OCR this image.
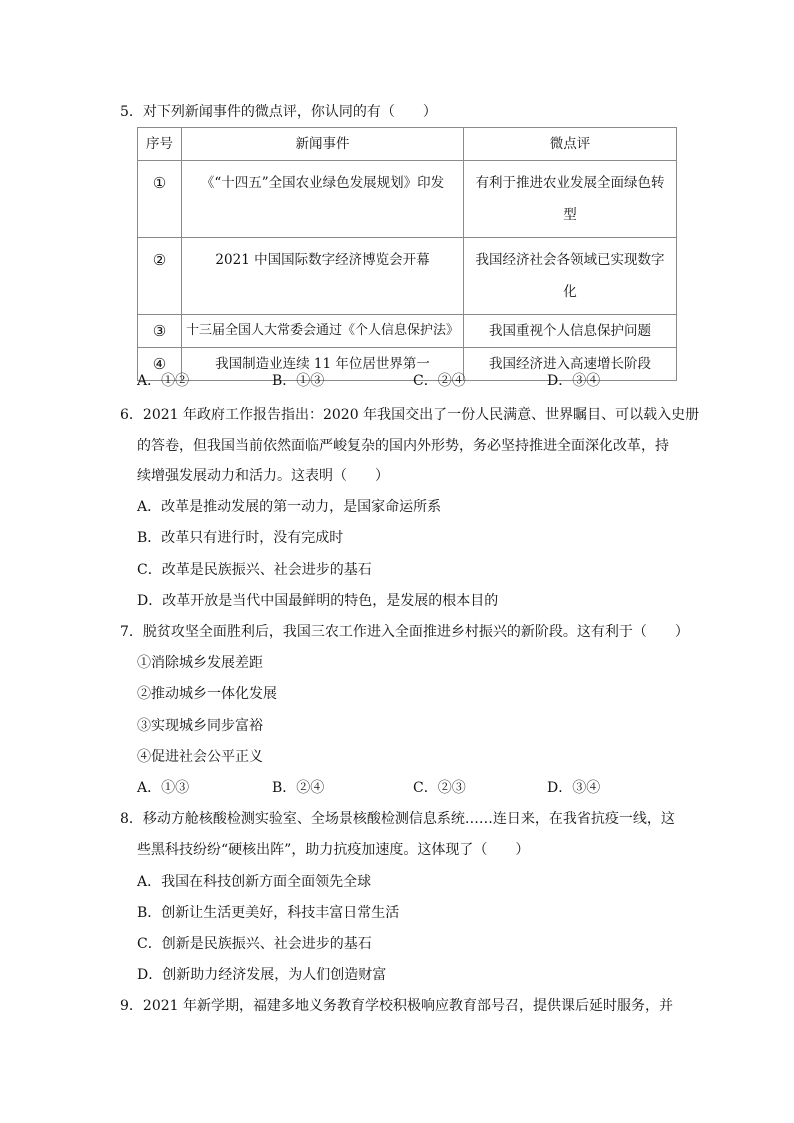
5．对下列新闻事件的微点评，你认同的有（　　）
序号	新闻事件	微点评
①	《“十四五”全国农业绿色发展规划》印发	有利于推进农业发展全面绿色转
型

②	2021 中国国际数字经济博览会开幕	我国经济社会各领域已实现数字
化

③	十三届全国人大常委会通过《个人信息保护法》	我国重视个人信息保护问题
④	我国制造业连续 11 年位居世界第一	我国经济进入高速增长阶段
A．①②	B．①③	C．②④	D．③④
6．2021 年政府工作报告指出：2020 年我国交出了一份人民满意、世界瞩目、可以载入史册
的答卷，但我国当前依然面临严峻复杂的国内外形势，务必坚持推进全面深化改革，持
续增强发展动力和活力。这表明（　　）
A．改革是推动发展的第一动力，是国家命运所系
B．改革只有进行时，没有完成时
C．改革是民族振兴、社会进步的基石
D．改革开放是当代中国最鲜明的特色，是发展的根本目的
7．脱贫攻坚全面胜利后，我国三农工作进入全面推进乡村振兴的新阶段。这有利于（　　）
①消除城乡发展差距
②推动城乡一体化发展
③实现城乡同步富裕
④促进社会公平正义
A．①③	B．②④	C．②③	D．③④
8．移动方舱核酸检测实验室、全场景核酸检测信息系统……连日来，在我省抗疫一线，这
些黑科技纷纷“硬核出阵”，助力抗疫加速度。这体现了（　　）
A．我国在科技创新方面全面领先全球
B．创新让生活更美好，科技丰富日常生活
C．创新是民族振兴、社会进步的基石
D．创新助力经济发展，为人们创造财富
9．2021 年新学期，福建多地义务教育学校积极响应教育部号召，提供课后延时服务，并
